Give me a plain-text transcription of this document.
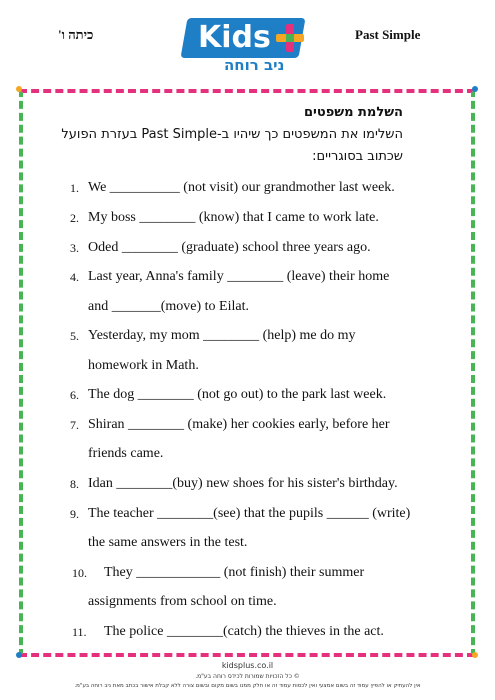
Past Simple
כיתה ו'	Kids
ניב רוחה
השלמת משפטים
השלימו את המשפטים כך שיהיו ב-Past Simple בעזרת הפועל
שכתוב בסוגריים:
1. We __________ (not visit) our grandmother last week.
2. My boss ________ (know) that I came to work late.
3. Oded ________ (graduate) school three years ago.
4. Last year, Anna's family ________ (leave) their home
and _______(move) to Eilat.
5. Yesterday, my mom ________ (help) me do my
homework in Math.
6. The dog ________ (not go out) to the park last week.
7. Shiran ________ (make) her cookies early, before her
friends came.
8. Idan ________(buy) new shoes for his sister's birthday.
9. The teacher ________(see) that the pupils ______ (write)
the same answers in the test.
10. They ____________ (not finish) their summer
assignments from school on time.
11. The police ________(catch) the thieves in the act.
kidsplus.co.il
© כל הזכויות שמורות לכידס רוחה בע"מ.
אין להעתיק או להפיץ עמוד זה בשום אמצעי ואין לכסות עמוד זה או חלק ממנו בשום מקום ובשום צורה ללא קבלת אישור בכתב מאת ניב רוחה בע"מ.
